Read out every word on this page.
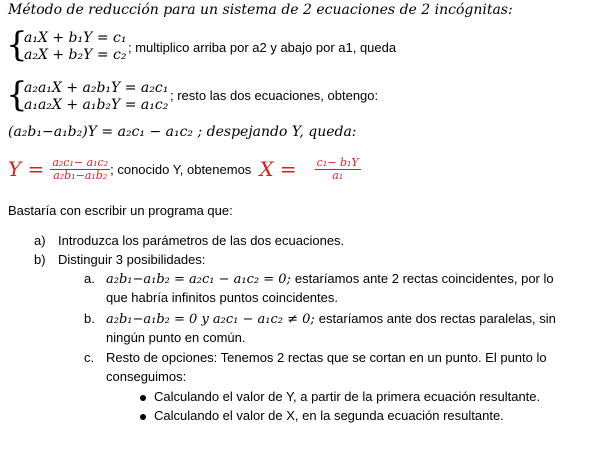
Método de reducción para un sistema de 2 ecuaciones de 2 incógnitas:
{
a₁X + b₁Y = c₁
a₂X + b₂Y = c₂ ; multiplico arriba por a2 y abajo por a1, queda
{
a₂a₁X + a₂b₁Y = a₂c₁
a₁a₂X + a₁b₂Y = a₁c₂
; resto las dos ecuaciones, obtengo:
(a₂b₁−a₁b₂)Y = a₂c₁ − a₁c₂ ; despejando Y, queda:
$Y = \frac{\text{a₂c₁− a₁c₂}}{\text{a₂b₁−a₁b₂}}$ ; conocido Y, obtenemos $X = \frac{\text{c₁− b₁Y}}{\text{a₁}}$
Bastaría con escribir un programa que:
a) Introduzca los parámetros de las dos ecuaciones.
b) Distinguir 3 posibilidades:
a. a₂b₁−a₁b₂ = a₂c₁ − a₁c₂ = 0; estaríamos ante 2 rectas coincidentes, por lo
que habría infinitos puntos coincidentes.
b. a₂b₁−a₁b₂ = 0 y a₂c₁ − a₁c₂ ≠ 0; estaríamos ante dos rectas paralelas, sin
ningún punto en común.
c. Resto de opciones: Tenemos 2 rectas que se cortan en un punto. El punto lo
conseguimos:
Calculando el valor de Y, a partir de la primera ecuación resultante.
Calculando el valor de X, en la segunda ecuación resultante.
